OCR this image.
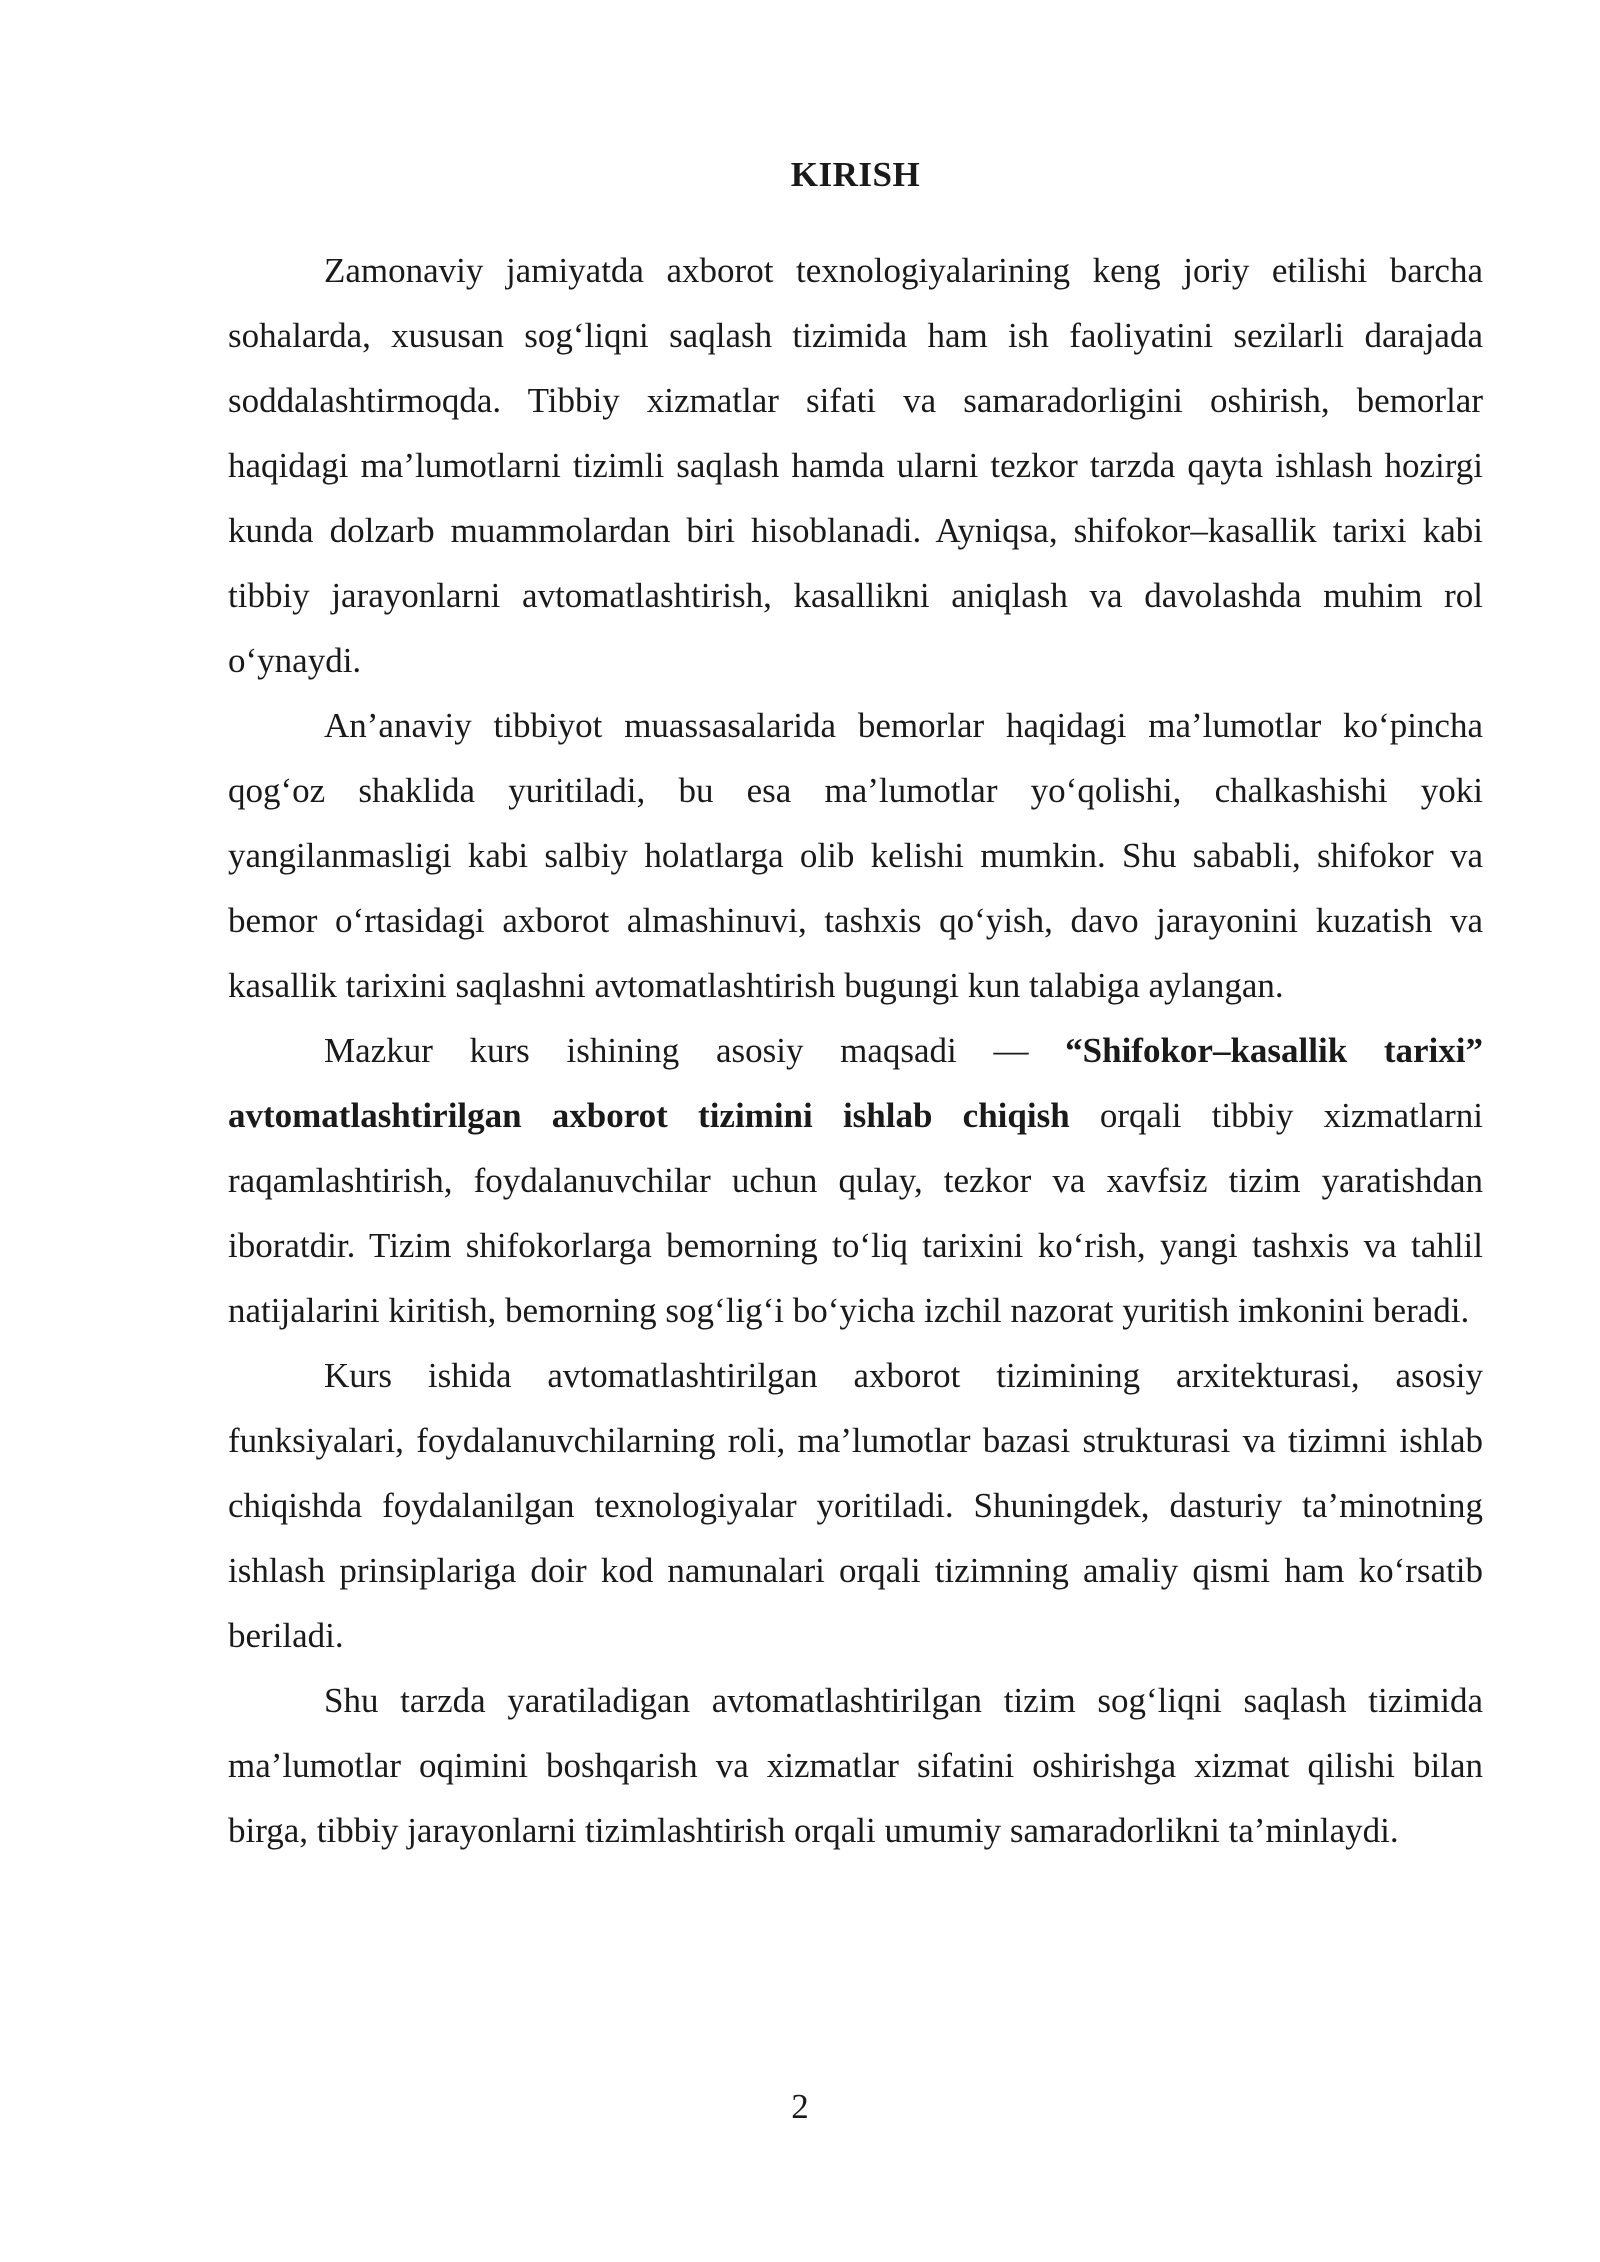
KIRISH

Zamonaviy jamiyatda axborot texnologiyalarining keng joriy etilishi barcha sohalarda, xususan sog‘liqni saqlash tizimida ham ish faoliyatini sezilarli darajada soddalashtirmoqda. Tibbiy xizmatlar sifati va samaradorligini oshirish, bemorlar haqidagi ma’lumotlarni tizimli saqlash hamda ularni tezkor tarzda qayta ishlash hozirgi kunda dolzarb muammolardan biri hisoblanadi. Ayniqsa, shifokor–kasallik tarixi kabi tibbiy jarayonlarni avtomatlashtirish, kasallikni aniqlash va davolashda muhim rol o‘ynaydi.

An’anaviy tibbiyot muassasalarida bemorlar haqidagi ma’lumotlar ko‘pincha qog‘oz shaklida yuritiladi, bu esa ma’lumotlar yo‘qolishi, chalkashishi yoki yangilanmasligi kabi salbiy holatlarga olib kelishi mumkin. Shu sababli, shifokor va bemor o‘rtasidagi axborot almashinuvi, tashxis qo‘yish, davo jarayonini kuzatish va kasallik tarixini saqlashni avtomatlashtirish bugungi kun talabiga aylangan.

Mazkur kurs ishining asosiy maqsadi — “Shifokor–kasallik tarixi” avtomatlashtirilgan axborot tizimini ishlab chiqish orqali tibbiy xizmatlarni raqamlashtirish, foydalanuvchilar uchun qulay, tezkor va xavfsiz tizim yaratishdan iboratdir. Tizim shifokorlarga bemorning to‘liq tarixini ko‘rish, yangi tashxis va tahlil natijalarini kiritish, bemorning sog‘lig‘i bo‘yicha izchil nazorat yuritish imkonini beradi.

Kurs ishida avtomatlashtirilgan axborot tizimining arxitekturasi, asosiy funksiyalari, foydalanuvchilarning roli, ma’lumotlar bazasi strukturasi va tizimni ishlab chiqishda foydalanilgan texnologiyalar yoritiladi. Shuningdek, dasturiy ta’minotning ishlash prinsiplariga doir kod namunalari orqali tizimning amaliy qismi ham ko‘rsatib beriladi.

Shu tarzda yaratiladigan avtomatlashtirilgan tizim sog‘liqni saqlash tizimida ma’lumotlar oqimini boshqarish va xizmatlar sifatini oshirishga xizmat qilishi bilan birga, tibbiy jarayonlarni tizimlashtirish orqali umumiy samaradorlikni ta’minlaydi.

2
